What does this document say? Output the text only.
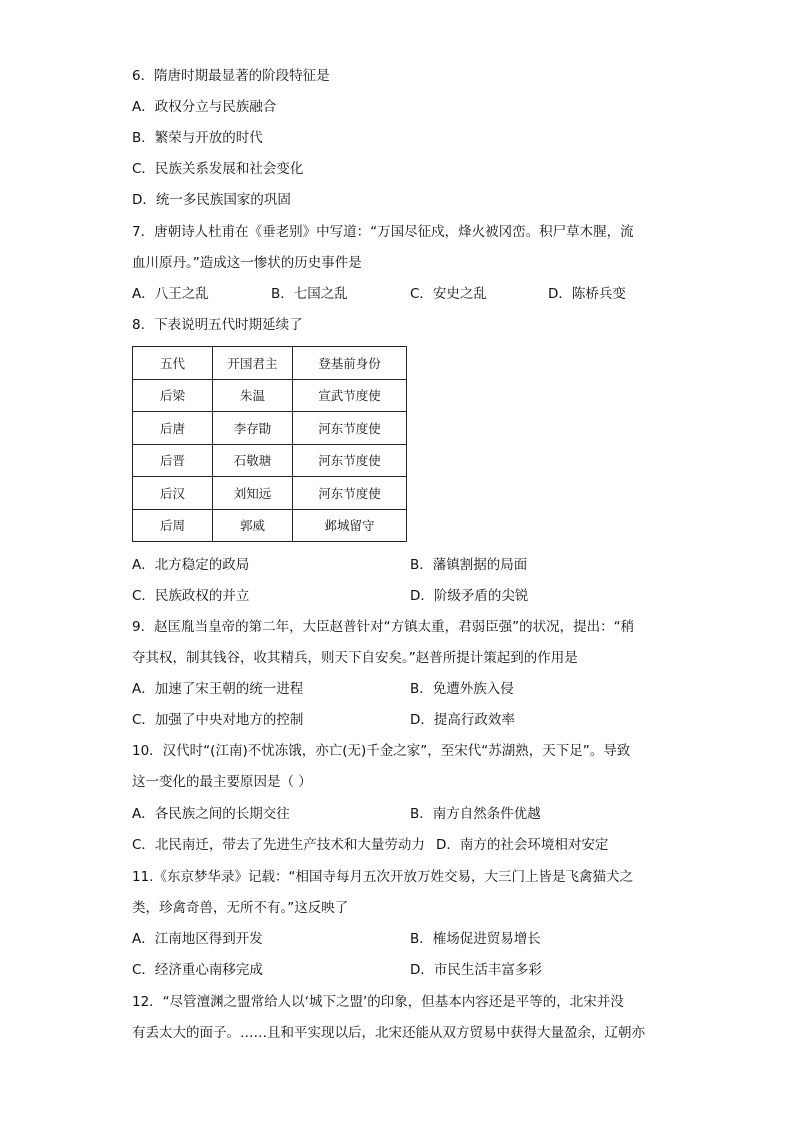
6．隋唐时期最显著的阶段特征是
A．政权分立与民族融合
B．繁荣与开放的时代
C．民族关系发展和社会变化
D．统一多民族国家的巩固
7．唐朝诗人杜甫在《垂老别》中写道：“万国尽征戍，烽火被冈峦。积尸草木腥，流
血川原丹。”造成这一惨状的历史事件是
A．八王之乱	B．七国之乱	C．安史之乱	D．陈桥兵变
8．下表说明五代时期延续了
五代	开国君主	登基前身份
后梁	朱温	宣武节度使
后唐	李存勖	河东节度使
后晋	石敬瑭	河东节度使
后汉	刘知远	河东节度使
后周	郭威	邺城留守
A．北方稳定的政局	B．藩镇割据的局面
C．民族政权的并立	D．阶级矛盾的尖锐
9．赵匡胤当皇帝的第二年，大臣赵普针对“方镇太重，君弱臣强”的状况，提出：“稍
夺其权，制其钱谷，收其精兵，则天下自安矣。”赵普所提计策起到的作用是
A．加速了宋王朝的统一进程	B．免遭外族入侵
C．加强了中央对地方的控制	D．提高行政效率
10．汉代时“(江南)不忧冻饿，亦亡(无)千金之家”，至宋代“苏湖熟，天下足”。导致
这一变化的最主要原因是（ ）
A．各民族之间的长期交往	B．南方自然条件优越
C．北民南迁，带去了先进生产技术和大量劳动力 D．南方的社会环境相对安定
11.《东京梦华录》记载：“相国寺每月五次开放万姓交易，大三门上皆是飞禽猫犬之
类，珍禽奇兽，无所不有。”这反映了
A．江南地区得到开发	B．榷场促进贸易增长
C．经济重心南移完成	D．市民生活丰富多彩
12．“尽管澶渊之盟常给人以‘城下之盟’的印象，但基本内容还是平等的，北宋并没
有丢太大的面子。……且和平实现以后，北宋还能从双方贸易中获得大量盈余，辽朝亦
